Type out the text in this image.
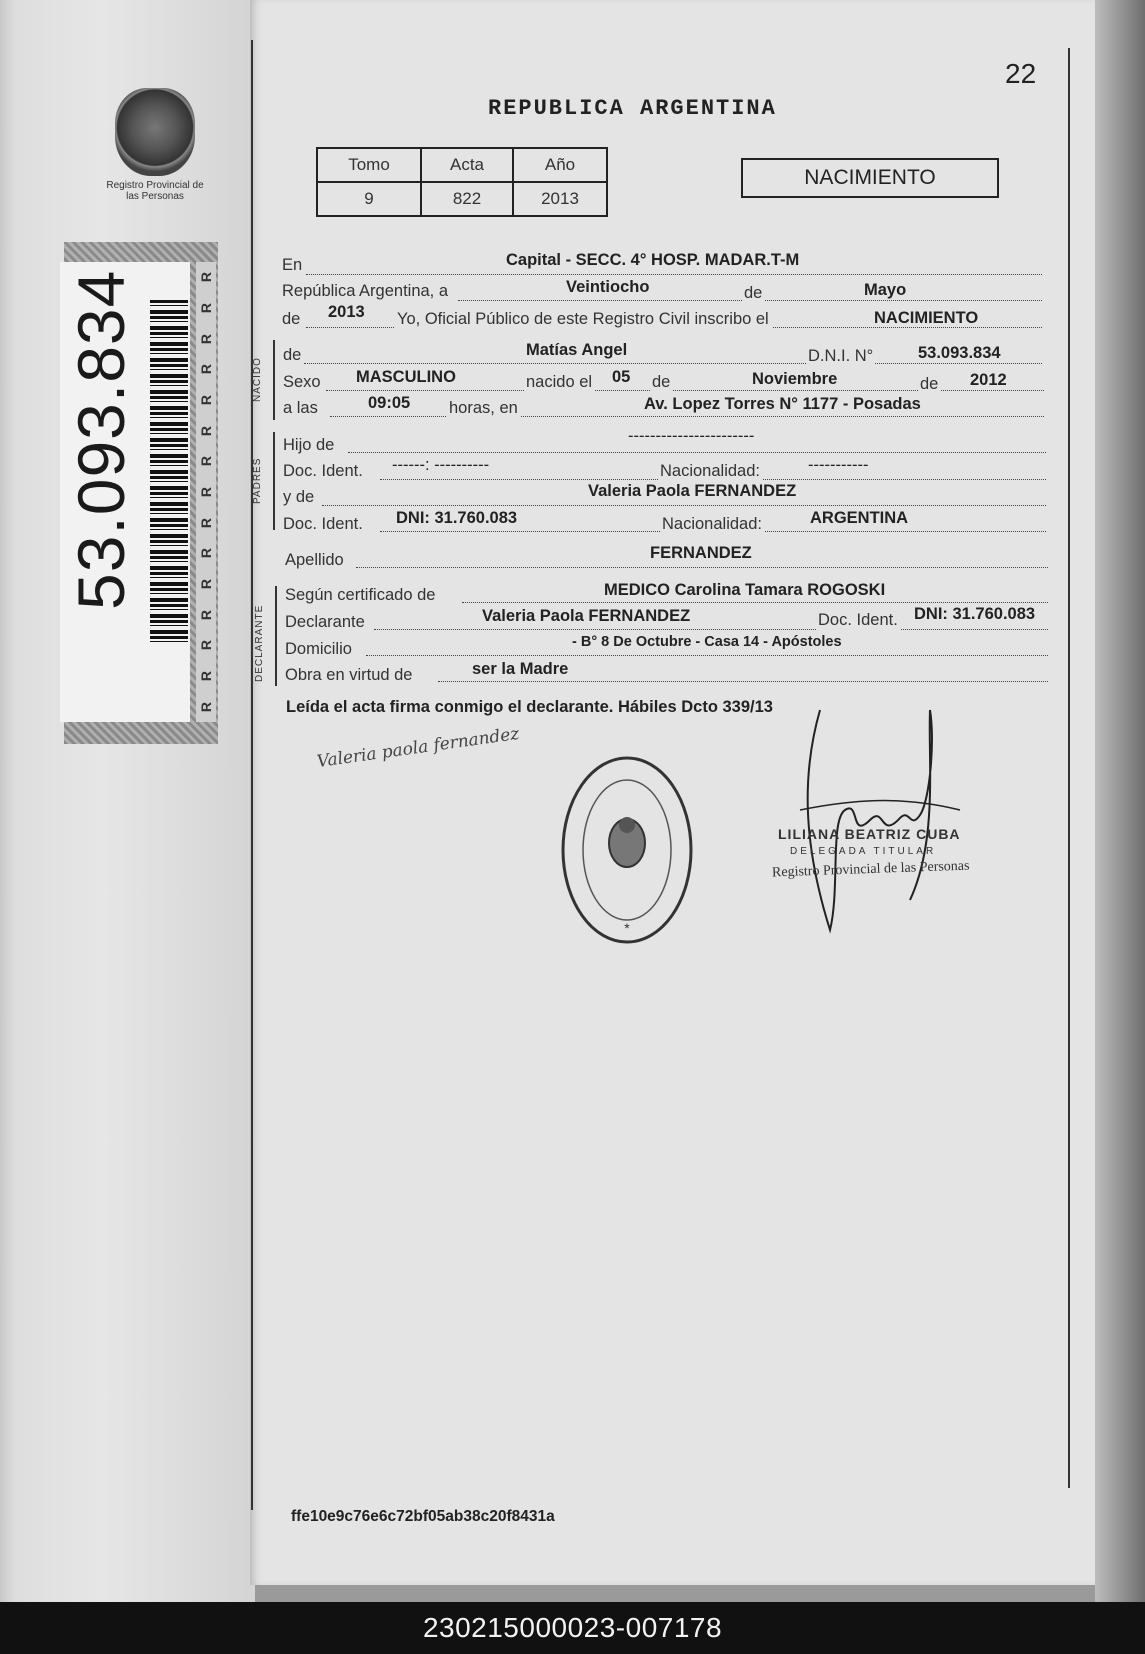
Registro Provincial de las Personas
53.093.834	R
R
R
R
R
R
R
R
R
R
R
R
R
R
R
22
REPUBLICA ARGENTINA
Tomo	Acta	Año
9	822	2013
NACIMIENTO
En	Capital - SECC. 4° HOSP. MADAR.T-M
República Argentina, a	Veintiocho	de	Mayo
de 2013 Yo, Oficial Público de este Registro Civil inscribo el	NACIMIENTO
NACIDO
de	Matías Angel	D.N.I. N°	53.093.834
Sexo MASCULINO	nacido el 05 de	Noviembre	de 2012
a las	09:05 horas, en	Av. Lopez Torres N° 1177 - Posadas
PADRES
Hijo de	-----------------------
Doc. Ident. ------: ----------	Nacionalidad:	-----------
y de	Valeria Paola FERNANDEZ
Doc. Ident. DNI: 31.760.083	Nacionalidad:	ARGENTINA
Apellido	FERNANDEZ
DECLARANTE
Según certificado de	MEDICO Carolina Tamara ROGOSKI
Declarante	Valeria Paola FERNANDEZ	Doc. Ident. DNI: 31.760.083
Domicilio	- B° 8 De Octubre - Casa 14 - Apóstoles
Obra en virtud de	ser la Madre
Leída el acta firma conmigo el declarante. Hábiles Dcto 339/13
Valeria paola fernandez
*
LILIANA BEATRIZ CUBA
DELEGADA TITULAR
Registro Provincial de las Personas
ffe10e9c76e6c72bf05ab38c20f8431a
230215000023-007178
